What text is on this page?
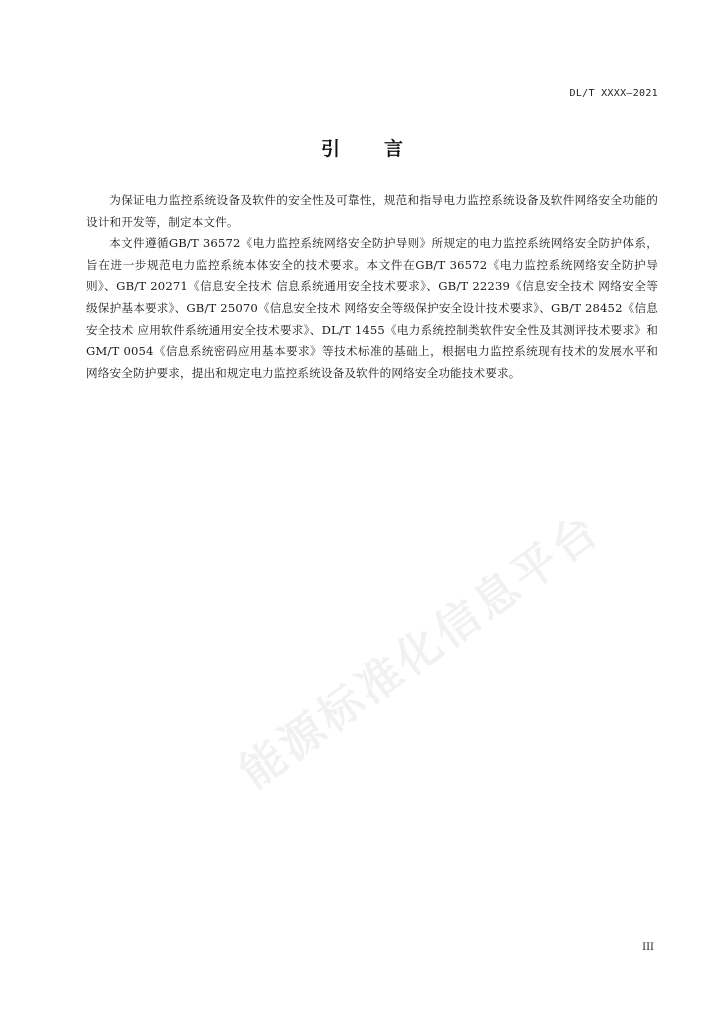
DL/T XXXX—2021
引 言

为保证电力监控系统设备及软件的安全性及可靠性，规范和指导电力监控系统设备及软件网络安全功能的设计和开发等，制定本文件。

本文件遵循GB/T 36572《电力监控系统网络安全防护导则》所规定的电力监控系统网络安全防护体系，旨在进一步规范电力监控系统本体安全的技术要求。本文件在GB/T 36572《电力监控系统网络安全防护导则》、GB/T 20271《信息安全技术 信息系统通用安全技术要求》、GB/T 22239《信息安全技术 网络安全等级保护基本要求》、GB/T 25070《信息安全技术 网络安全等级保护安全设计技术要求》、GB/T 28452《信息安全技术 应用软件系统通用安全技术要求》、DL/T 1455《电力系统控制类软件安全性及其测评技术要求》和GM/T 0054《信息系统密码应用基本要求》等技术标准的基础上，根据电力监控系统现有技术的发展水平和网络安全防护要求，提出和规定电力监控系统设备及软件的网络安全功能技术要求。

能源标准化信息平台
III
